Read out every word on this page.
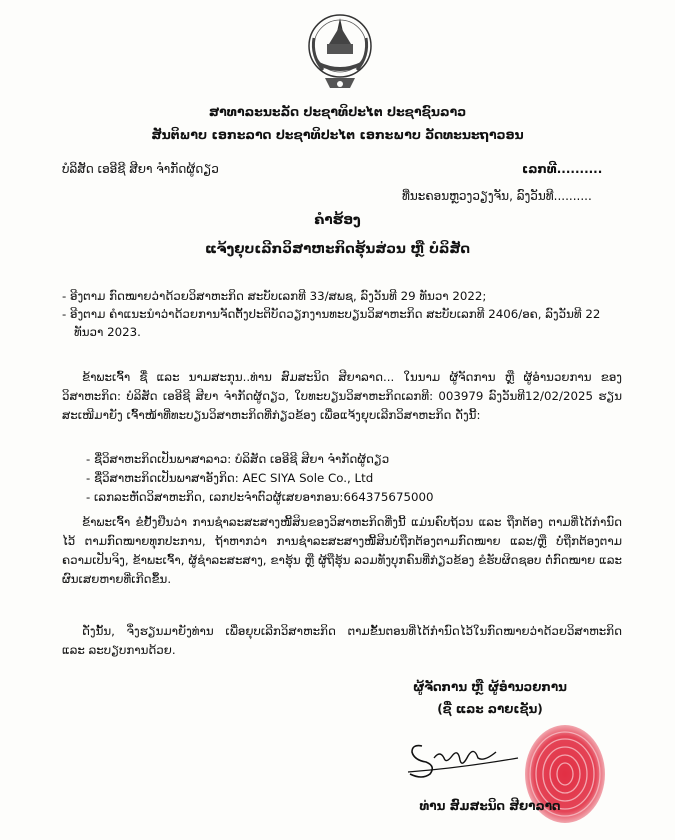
ສາທາລະນະລັດ ປະຊາທິປະໄຕ ປະຊາຊົນລາວ
ສັນຕິພາບ ເອກະລາດ ປະຊາທິປະໄຕ ເອກະພາບ ວັດທະນະຖາວອນ
ບໍລິສັດ ເອອີຊີ ສີຍາ ຈຳກັດຜູ້ດຽວ	ເລກທີ..........
ທີ່ນະຄອນຫຼວງວຽງຈັນ, ລົງວັນທີ..........
ຄຳຮ້ອງ
ແຈ້ງຍຸບເລີກວິສາຫະກິດຮຸ້ນສ່ວນ ຫຼື ບໍລິສັດ
- ອີງຕາມ ກົດໝາຍວ່າດ້ວຍວິສາຫະກິດ ສະບັບເລກທີ 33/ສພຊ, ລົງວັນທີ 29 ທັນວາ 2022;
- ອີງຕາມ ຄຳແນະນຳວ່າດ້ວຍການຈັດຕັ້ງປະຕິບັດວຽກງານທະບຽນວິສາຫະກິດ ສະບັບເລກທີ 2406/ອຄ, ລົງວັນທີ 22 ທັນວາ 2023.
ຂ້າພະເຈົ້າ ຊື່ ແລະ ນາມສະກຸນ..ທ່ານ ສົມສະນິດ ສີຍາລາດ... ໃນນາມ ຜູ້ຈັດການ ຫຼື ຜູ້ອຳນວຍການ ຂອງວິສາຫະກິດ: ບໍລິສັດ ເອອີຊີ ສີຍາ ຈຳກັດຜູ້ດຽວ, ໃບທະບຽນວິສາຫະກິດເລກທີ: 003979 ລົງວັນທີ12/02/2025 ຮຽນສະເໜີມາຍັງ ເຈົ້າໜ້າທີ່ທະບຽນວິສາຫະກິດທີ່ກ່ຽວຂ້ອງ ເພື່ອແຈ້ງຍຸບເລີກວິສາຫະກິດ ດັ່ງນີ້:
- ຊື່ວິສາຫະກິດເປັນພາສາລາວ: ບໍລິສັດ ເອອີຊີ ສີຍາ ຈຳກັດຜູ້ດຽວ
- ຊື່ວິສາຫະກິດເປັນພາສາອັງກິດ: AEC SIYA Sole Co., Ltd
- ເລກລະຫັດວິສາຫະກິດ, ເລກປະຈຳຕົວຜູ້ເສຍອາກອນ:664375675000
ຂ້າພະເຈົ້າ ຂໍຢັ້ງຢືນວ່າ ການຊຳລະສະສາງໜີ້ສິນຂອງວິສາຫະກິດທີ່ງນີ້ ແມ່ນຄົບຖ້ວນ ແລະ ຖືກຕ້ອງ ຕາມທີ່ໄດ້ກຳນົດໄວ້ ຕາມກົດໝາຍທຸກປະການ, ຖ້າຫາກວ່າ ການຊຳລະສະສາງໜີ້ສິນບໍ່ຖືກຕ້ອງຕາມກົດໝາຍ ແລະ/ຫຼື ບໍ່ຖືກຕ້ອງຕາມຄວາມເປັນຈິງ, ຂ້າພະເຈົ້າ, ຜູ້ຊຳລະສະສາງ, ຂາຮຸ້ນ ຫຼື ຜູ້ຖືຮຸ້ນ ລວມທັງບຸກຄົນທີ່ກ່ຽວຂ້ອງ ຂໍຮັບຜິດຊອບ ຕໍ່ກົດໝາຍ ແລະ ຜົນເສຍຫາຍທີ່ເກີດຂຶ້ນ.
ດັ່ງນັ້ນ, ຈຶ່ງຮຽນມາຍັງທ່ານ ເພື່ອຍຸບເລີກວິສາຫະກິດ ຕາມຂັ້ນຕອນທີ່ໄດ້ກຳນົດໄວ້ໃນກົດໝາຍວ່າດ້ວຍວິສາຫະກິດ ແລະ ລະບຽບການດ້ວຍ.
ຜູ້ຈັດການ ຫຼື ຜູ້ອຳນວຍການ
(ຊື່ ແລະ ລາຍເຊັນ)
ທ່ານ ສົມສະນິດ ສີຍາລາດ
